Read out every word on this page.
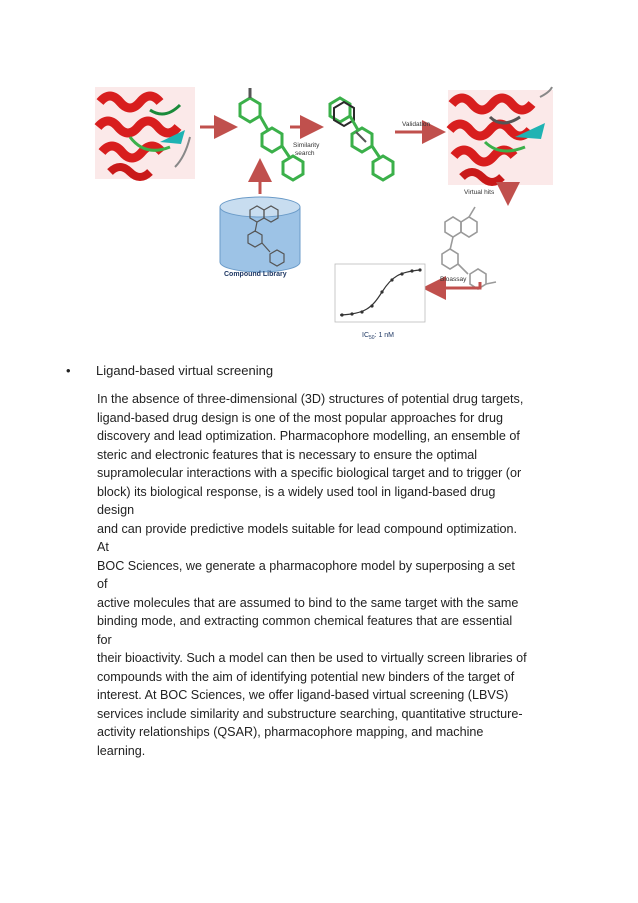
Similarity search
Validation
Virtual hits
Compound Library
Bioassay
$IC_{50}$: 1 nM
• Ligand-based virtual screening

In the absence of three-dimensional (3D) structures of potential drug targets,

ligand-based drug design is one of the most popular approaches for drug

discovery and lead optimization. Pharmacophore modelling, an ensemble of

steric and electronic features that is necessary to ensure the optimal

supramolecular interactions with a specific biological target and to trigger (or

block) its biological response, is a widely used tool in ligand-based drug design

and can provide predictive models suitable for lead compound optimization. At

BOC Sciences, we generate a pharmacophore model by superposing a set of

active molecules that are assumed to bind to the same target with the same

binding mode, and extracting common chemical features that are essential for

their bioactivity. Such a model can then be used to virtually screen libraries of

compounds with the aim of identifying potential new binders of the target of

interest. At BOC Sciences, we offer ligand-based virtual screening (LBVS)

services include similarity and substructure searching, quantitative structure-

activity relationships (QSAR), pharmacophore mapping, and machine learning.
